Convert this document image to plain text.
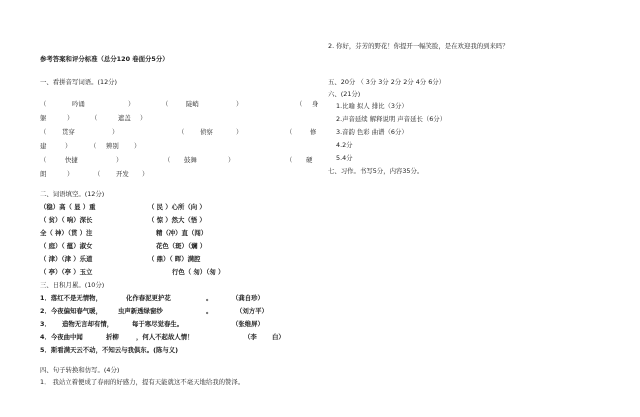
参考答案和评分标准（总分120 卷面分5分）
一、看拼音写词语。(12分)
（	吟诵	）	（	陡峭	）	（ 身
躯	）	（	遮盖 ）
（ 贯穿	）	（ 侦察	）	（	修
建	）	（ 辨别 ）
（	快捷	）	（ 鼓舞	）	（ 硬
朗	）	（ 开发 ）
二、词语填空。(12分)
（稳）高（ 显 ）重	（ 民 ）心所（向 ）
（ 贫）（ 响）深长	（ 惊 ）然大（悟 ）
全（ 神）（贯 ）注	精（冲）直（闯）
（ 庭）（ 蕴）淑女	花色（斑）（斓 ）
（ 津）（津 ）乐道	（ 鼎）（ 晖）满腔
（ 亭）（亭 ）玉立	行色（ 匆）（匆 ）
三、日积月累。(10分)
1．落红不是无情物，	化作春泥更护花	。	（龚自珍）
2．今夜偏知春气暖，	虫声新透绿窗纱	。	（刘方平）
3． 造物无言却有情，	每于寒尽觉春生。	（张维屏）
4．今夜曲中闻	折柳	，何人不起故人情！	（李 白）
5．斯看满天云不动，不知云与我俱东。(陈与义)
四、句子转换和仿写。(4分)
1． 我站立着便成了春雨的好感力，提有天能就这不毫天地给我的赞泽。
2. 你好，芬芳的野花！你提开一幅笑脸，是在欢迎我的到来吗？
五、20分 （ 3分 3分 2分 2分 4分 6分）
六、(21分)
1.比喻 拟人 排比（3分）
2.声音延续 解释说明 声音延长（6分）
3.音韵 色彩 曲谱（6分）
4.2分
5.4分
七、习作。书写5分，内容35分。
